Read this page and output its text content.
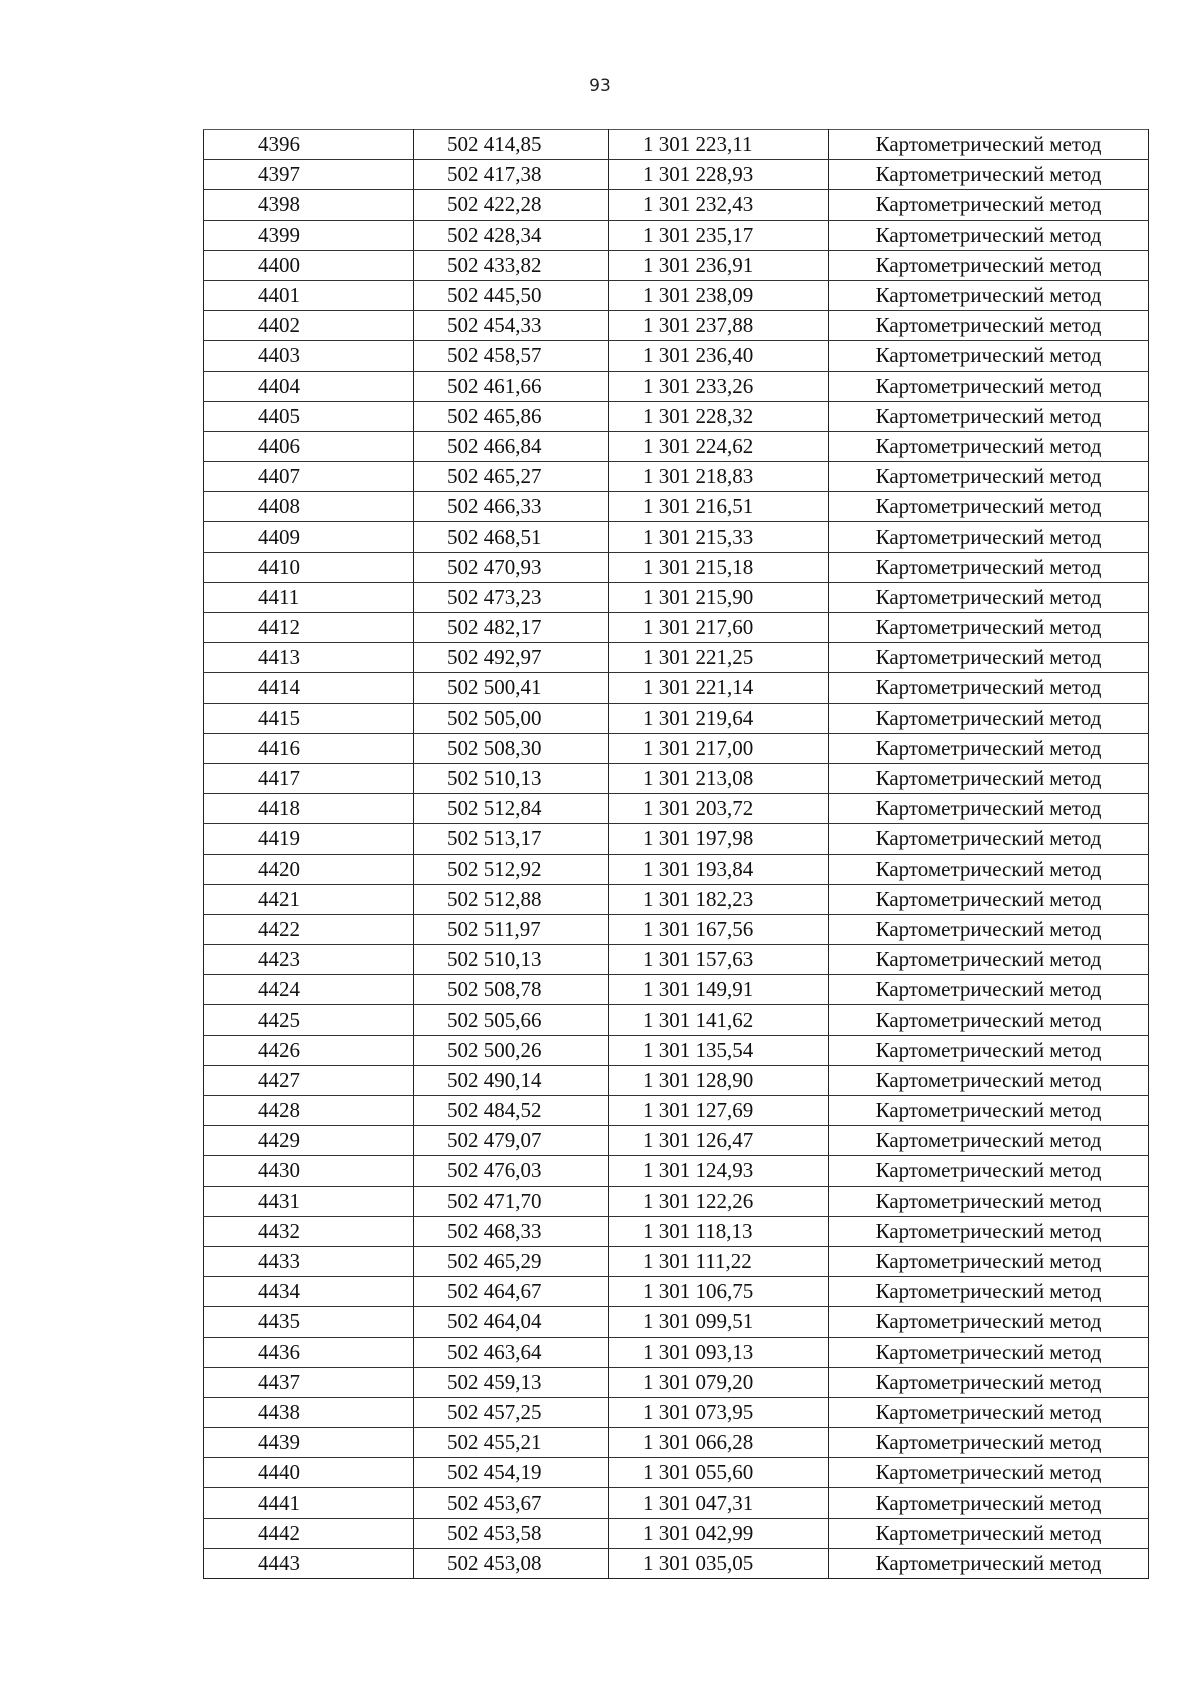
93
4396	502 414,85	1 301 223,11	Картометрический метод
4397	502 417,38	1 301 228,93	Картометрический метод
4398	502 422,28	1 301 232,43	Картометрический метод
4399	502 428,34	1 301 235,17	Картометрический метод
4400	502 433,82	1 301 236,91	Картометрический метод
4401	502 445,50	1 301 238,09	Картометрический метод
4402	502 454,33	1 301 237,88	Картометрический метод
4403	502 458,57	1 301 236,40	Картометрический метод
4404	502 461,66	1 301 233,26	Картометрический метод
4405	502 465,86	1 301 228,32	Картометрический метод
4406	502 466,84	1 301 224,62	Картометрический метод
4407	502 465,27	1 301 218,83	Картометрический метод
4408	502 466,33	1 301 216,51	Картометрический метод
4409	502 468,51	1 301 215,33	Картометрический метод
4410	502 470,93	1 301 215,18	Картометрический метод
4411	502 473,23	1 301 215,90	Картометрический метод
4412	502 482,17	1 301 217,60	Картометрический метод
4413	502 492,97	1 301 221,25	Картометрический метод
4414	502 500,41	1 301 221,14	Картометрический метод
4415	502 505,00	1 301 219,64	Картометрический метод
4416	502 508,30	1 301 217,00	Картометрический метод
4417	502 510,13	1 301 213,08	Картометрический метод
4418	502 512,84	1 301 203,72	Картометрический метод
4419	502 513,17	1 301 197,98	Картометрический метод
4420	502 512,92	1 301 193,84	Картометрический метод
4421	502 512,88	1 301 182,23	Картометрический метод
4422	502 511,97	1 301 167,56	Картометрический метод
4423	502 510,13	1 301 157,63	Картометрический метод
4424	502 508,78	1 301 149,91	Картометрический метод
4425	502 505,66	1 301 141,62	Картометрический метод
4426	502 500,26	1 301 135,54	Картометрический метод
4427	502 490,14	1 301 128,90	Картометрический метод
4428	502 484,52	1 301 127,69	Картометрический метод
4429	502 479,07	1 301 126,47	Картометрический метод
4430	502 476,03	1 301 124,93	Картометрический метод
4431	502 471,70	1 301 122,26	Картометрический метод
4432	502 468,33	1 301 118,13	Картометрический метод
4433	502 465,29	1 301 111,22	Картометрический метод
4434	502 464,67	1 301 106,75	Картометрический метод
4435	502 464,04	1 301 099,51	Картометрический метод
4436	502 463,64	1 301 093,13	Картометрический метод
4437	502 459,13	1 301 079,20	Картометрический метод
4438	502 457,25	1 301 073,95	Картометрический метод
4439	502 455,21	1 301 066,28	Картометрический метод
4440	502 454,19	1 301 055,60	Картометрический метод
4441	502 453,67	1 301 047,31	Картометрический метод
4442	502 453,58	1 301 042,99	Картометрический метод
4443	502 453,08	1 301 035,05	Картометрический метод
